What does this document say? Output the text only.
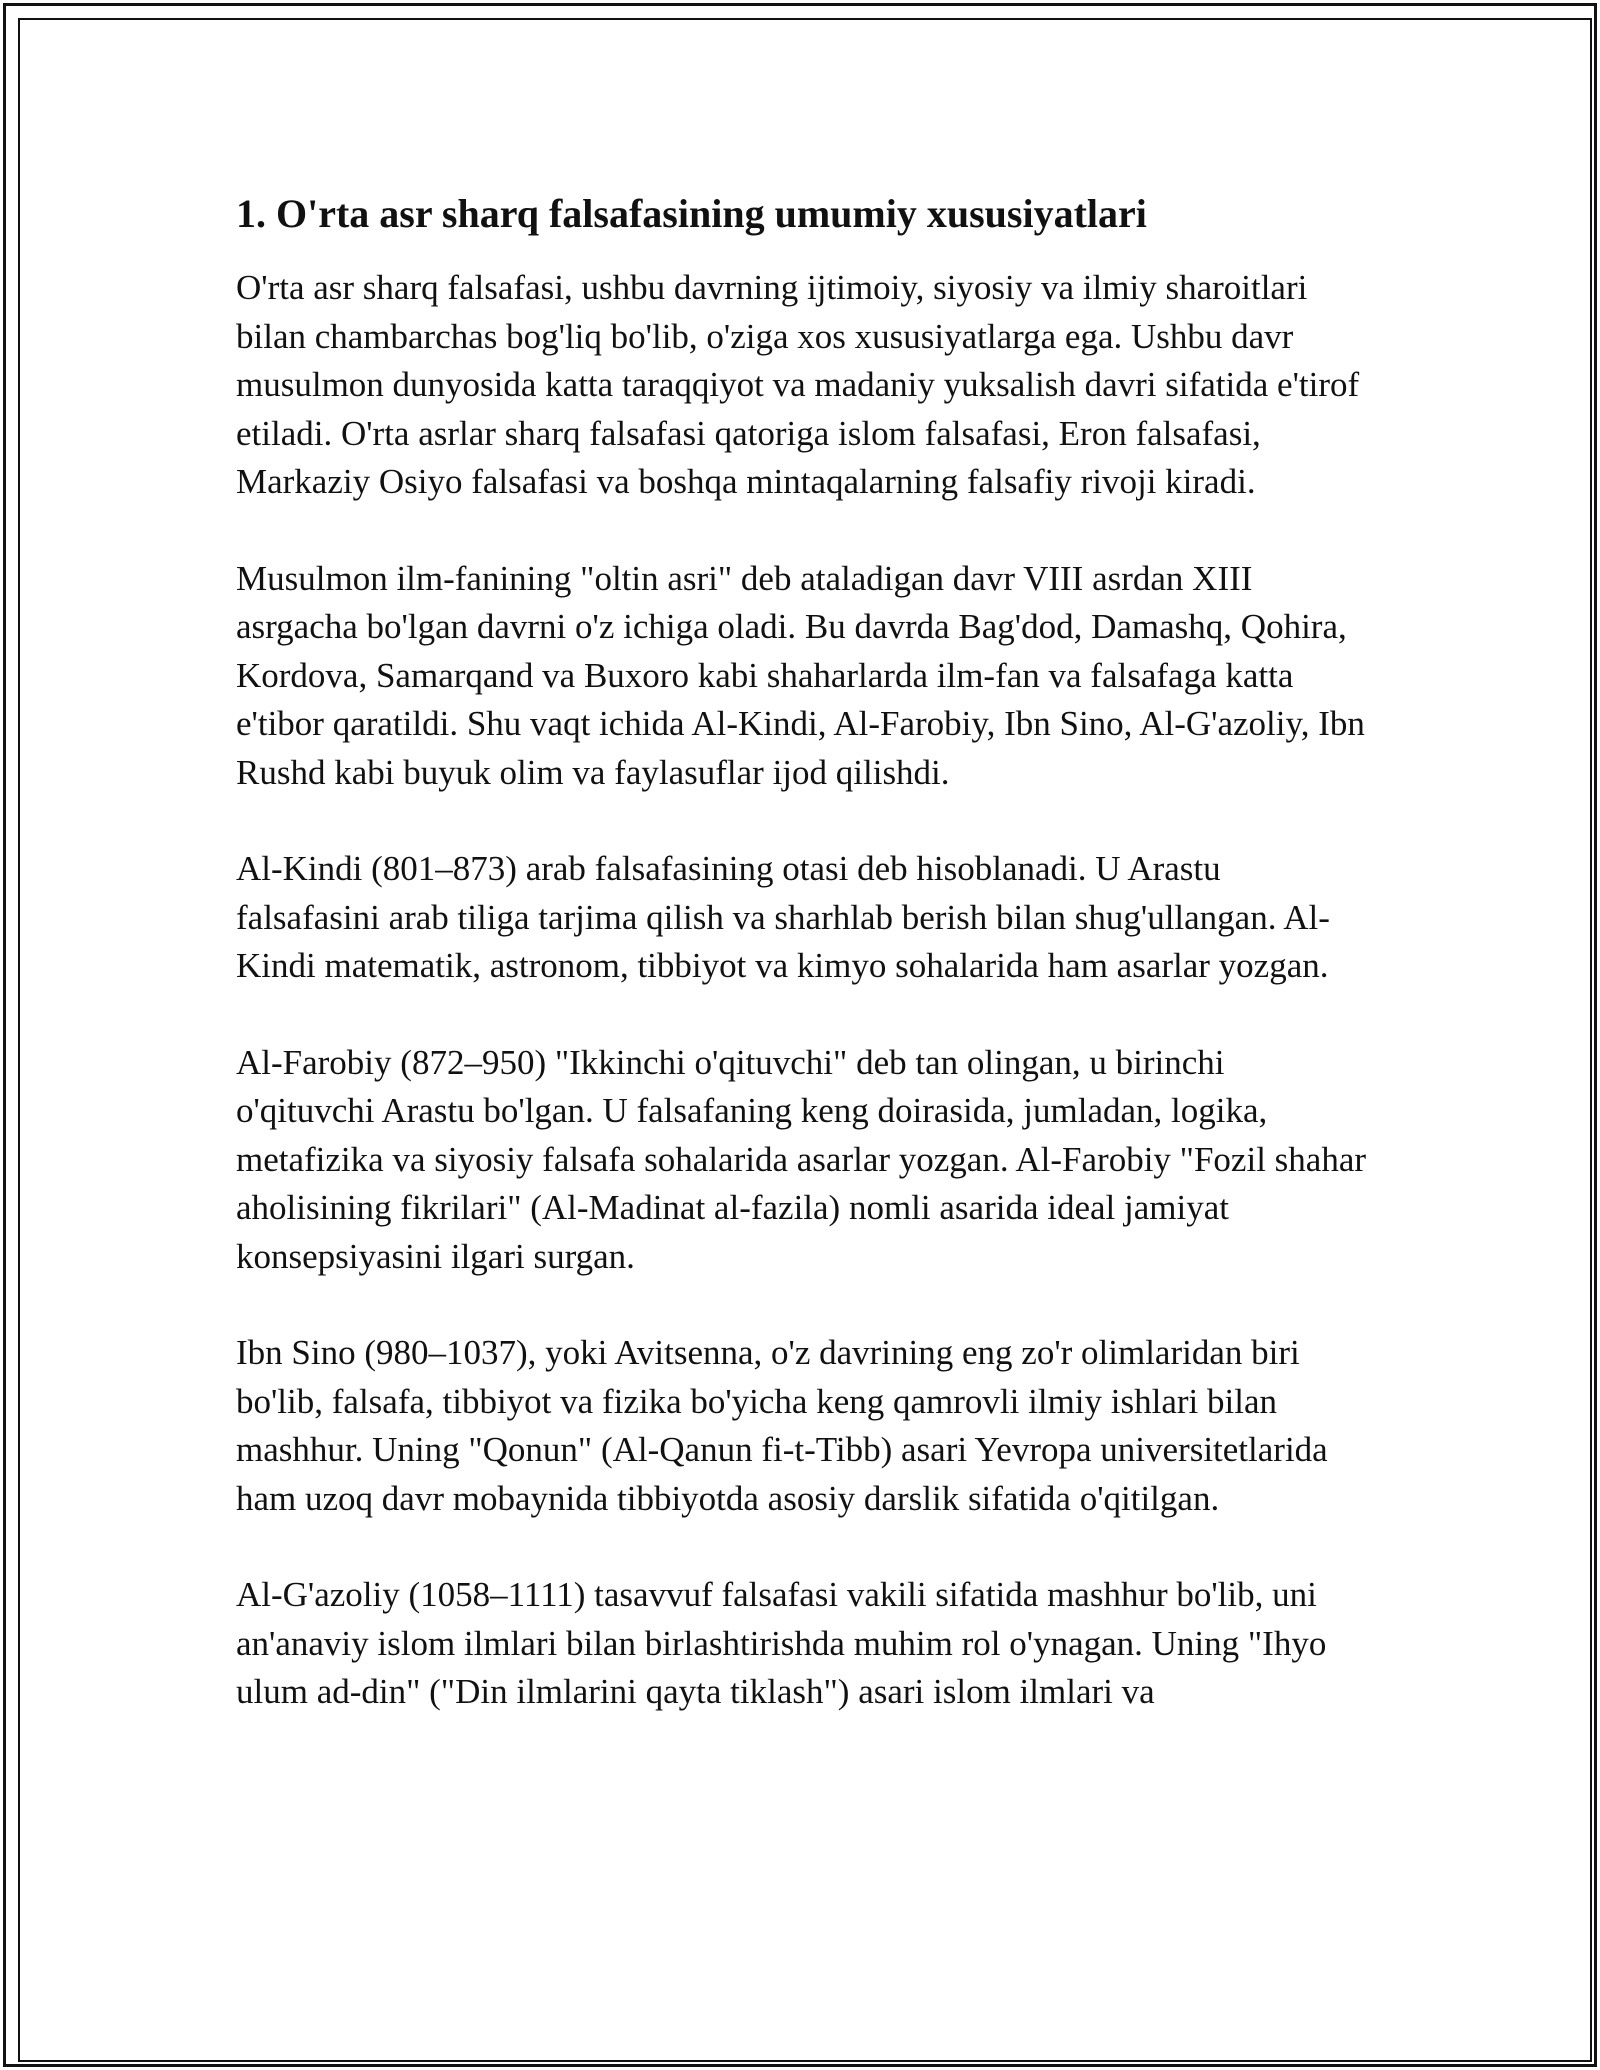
1. O'rta asr sharq falsafasining umumiy xususiyatlari

O'rta asr sharq falsafasi, ushbu davrning ijtimoiy, siyosiy va ilmiy sharoitlari bilan chambarchas bog'liq bo'lib, o'ziga xos xususiyatlarga ega. Ushbu davr musulmon dunyosida katta taraqqiyot va madaniy yuksalish davri sifatida e'tirof etiladi. O'rta asrlar sharq falsafasi qatoriga islom falsafasi, Eron falsafasi, Markaziy Osiyo falsafasi va boshqa mintaqalarning falsafiy rivoji kiradi.

Musulmon ilm-fanining "oltin asri" deb ataladigan davr VIII asrdan XIII asrgacha bo'lgan davrni o'z ichiga oladi. Bu davrda Bag'dod, Damashq, Qohira, Kordova, Samarqand va Buxoro kabi shaharlarda ilm-fan va falsafaga katta e'tibor qaratildi. Shu vaqt ichida Al-Kindi, Al-Farobiy, Ibn Sino, Al-G'azoliy, Ibn Rushd kabi buyuk olim va faylasuflar ijod qilishdi.

Al-Kindi (801–873) arab falsafasining otasi deb hisoblanadi. U Arastu falsafasini arab tiliga tarjima qilish va sharhlab berish bilan shug'ullangan. Al-Kindi matematik, astronom, tibbiyot va kimyo sohalarida ham asarlar yozgan.

Al-Farobiy (872–950) "Ikkinchi o'qituvchi" deb tan olingan, u birinchi o'qituvchi Arastu bo'lgan. U falsafaning keng doirasida, jumladan, logika, metafizika va siyosiy falsafa sohalarida asarlar yozgan. Al-Farobiy "Fozil shahar aholisining fikrilari" (Al-Madinat al-fazila) nomli asarida ideal jamiyat konsepsiyasini ilgari surgan.

Ibn Sino (980–1037), yoki Avitsenna, o'z davrining eng zo'r olimlaridan biri bo'lib, falsafa, tibbiyot va fizika bo'yicha keng qamrovli ilmiy ishlari bilan mashhur. Uning "Qonun" (Al-Qanun fi-t-Tibb) asari Yevropa universitetlarida ham uzoq davr mobaynida tibbiyotda asosiy darslik sifatida o'qitilgan.

Al-G'azoliy (1058–1111) tasavvuf falsafasi vakili sifatida mashhur bo'lib, uni an'anaviy islom ilmlari bilan birlashtirishda muhim rol o'ynagan. Uning "Ihyo ulum ad-din" ("Din ilmlarini qayta tiklash") asari islom ilmlari va
